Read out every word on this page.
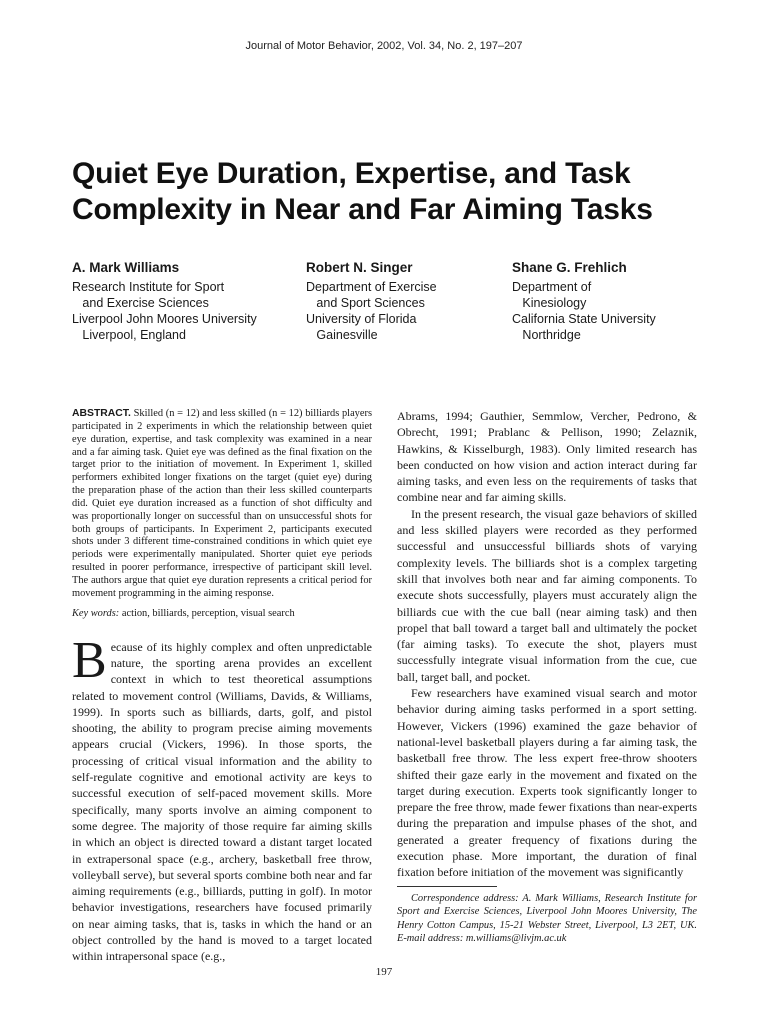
Journal of Motor Behavior, 2002, Vol. 34, No. 2, 197–207
Quiet Eye Duration, Expertise, and Task
Complexity in Near and Far Aiming Tasks
A. Mark Williams
Research Institute for Sport
and Exercise Sciences
Liverpool John Moores University
Liverpool, England
Robert N. Singer
Department of Exercise
and Sport Sciences
University of Florida
Gainesville
Shane G. Frehlich
Department of
Kinesiology
California State University
Northridge

ABSTRACT. Skilled (n = 12) and less skilled (n = 12) billiards players participated in 2 experiments in which the relationship between quiet eye duration, expertise, and task complexity was examined in a near and a far aiming task. Quiet eye was defined as the final fixation on the target prior to the initiation of movement. In Experiment 1, skilled performers exhibited longer fixations on the target (quiet eye) during the preparation phase of the action than their less skilled counterparts did. Quiet eye duration increased as a function of shot difficulty and was proportionally longer on successful than on unsuccessful shots for both groups of participants. In Experiment 2, participants executed shots under 3 different time-constrained conditions in which quiet eye periods were experimentally manipulated. Shorter quiet eye periods resulted in poorer performance, irrespective of participant skill level. The authors argue that quiet eye duration represents a critical period for movement programming in the aiming response.

Key words: action, billiards, perception, visual search

Because of its highly complex and often unpredictable nature, the sporting arena provides an excellent context in which to test theoretical assumptions related to movement control (Williams, Davids, & Williams, 1999). In sports such as billiards, darts, golf, and pistol shooting, the ability to program precise aiming movements appears crucial (Vickers, 1996). In those sports, the processing of critical visual information and the ability to self-regulate cognitive and emotional activity are keys to successful execution of self-paced movement skills. More specifically, many sports involve an aiming component to some degree. The majority of those require far aiming skills in which an object is directed toward a distant target located in extrapersonal space (e.g., archery, basketball free throw, volleyball serve), but several sports combine both near and far aiming requirements (e.g., billiards, putting in golf). In motor behavior investigations, researchers have focused primarily on near aiming tasks, that is, tasks in which the hand or an object controlled by the hand is moved to a target located within intrapersonal space (e.g.,

Abrams, 1994; Gauthier, Semmlow, Vercher, Pedrono, & Obrecht, 1991; Prablanc & Pellison, 1990; Zelaznik, Hawkins, & Kisselburgh, 1983). Only limited research has been conducted on how vision and action interact during far aiming tasks, and even less on the requirements of tasks that combine near and far aiming skills.

In the present research, the visual gaze behaviors of skilled and less skilled players were recorded as they performed successful and unsuccessful billiards shots of varying complexity levels. The billiards shot is a complex targeting skill that involves both near and far aiming components. To execute shots successfully, players must accurately align the billiards cue with the cue ball (near aiming task) and then propel that ball toward a target ball and ultimately the pocket (far aiming tasks). To execute the shot, players must successfully integrate visual information from the cue, cue ball, target ball, and pocket.

Few researchers have examined visual search and motor behavior during aiming tasks performed in a sport setting. However, Vickers (1996) examined the gaze behavior of national-level basketball players during a far aiming task, the basketball free throw. The less expert free-throw shooters shifted their gaze early in the movement and fixated on the target during execution. Experts took significantly longer to prepare the free throw, made fewer fixations than near-experts during the preparation and impulse phases of the shot, and generated a greater frequency of fixations during the execution phase. More important, the duration of final fixation before initiation of the movement was significantly

Correspondence address: A. Mark Williams, Research Institute for Sport and Exercise Sciences, Liverpool John Moores University, The Henry Cotton Campus, 15-21 Webster Street, Liverpool, L3 2ET, UK. E-mail address: m.williams@livjm.ac.uk

197
